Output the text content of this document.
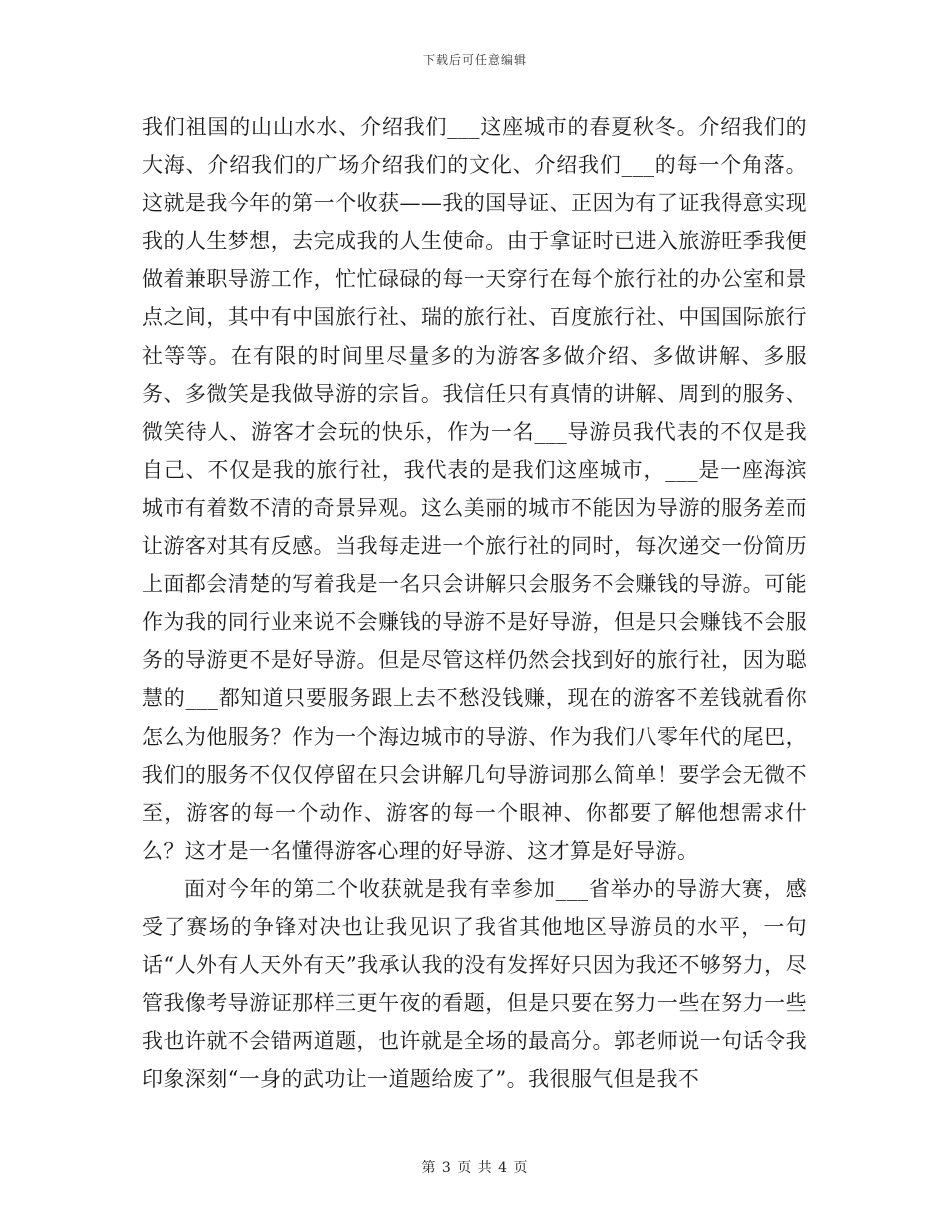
下载后可任意编辑

我们祖国的山山水水、介绍我们___这座城市的春夏秋冬。介绍我们的大海、介绍我们的广场介绍我们的文化、介绍我们___的每一个角落。这就是我今年的第一个收获——我的国导证、正因为有了证我得意实现我的人生梦想，去完成我的人生使命。由于拿证时已进入旅游旺季我便做着兼职导游工作，忙忙碌碌的每一天穿行在每个旅行社的办公室和景点之间，其中有中国旅行社、瑞的旅行社、百度旅行社、中国国际旅行社等等。在有限的时间里尽量多的为游客多做介绍、多做讲解、多服务、多微笑是我做导游的宗旨。我信任只有真情的讲解、周到的服务、微笑待人、游客才会玩的快乐，作为一名___导游员我代表的不仅是我自己、不仅是我的旅行社，我代表的是我们这座城市，___是一座海滨城市有着数不清的奇景异观。这么美丽的城市不能因为导游的服务差而让游客对其有反感。当我每走进一个旅行社的同时，每次递交一份简历上面都会清楚的写着我是一名只会讲解只会服务不会赚钱的导游。可能作为我的同行业来说不会赚钱的导游不是好导游，但是只会赚钱不会服务的导游更不是好导游。但是尽管这样仍然会找到好的旅行社，因为聪慧的___都知道只要服务跟上去不愁没钱赚，现在的游客不差钱就看你怎么为他服务？作为一个海边城市的导游、作为我们八零年代的尾巴，我们的服务不仅仅停留在只会讲解几句导游词那么简单！要学会无微不至，游客的每一个动作、游客的每一个眼神、你都要了解他想需求什么？这才是一名懂得游客心理的好导游、这才算是好导游。

面对今年的第二个收获就是我有幸参加___省举办的导游大赛，感受了赛场的争锋对决也让我见识了我省其他地区导游员的水平，一句话“人外有人天外有天”我承认我的没有发挥好只因为我还不够努力，尽管我像考导游证那样三更午夜的看题，但是只要在努力一些在努力一些我也许就不会错两道题，也许就是全场的最高分。郭老师说一句话令我印象深刻“一身的武功让一道题给废了”。我很服气但是我不

第 3 页 共 4 页
